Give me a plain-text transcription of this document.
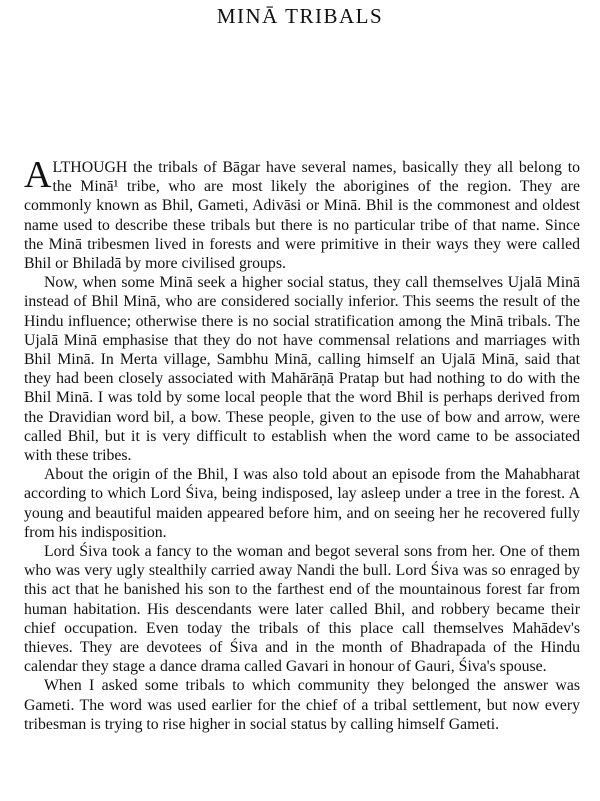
MINĀ TRIBALS

ALTHOUGH the tribals of Bāgar have several names, basically they all belong to the Minā¹ tribe, who are most likely the aborigines of the region. They are commonly known as Bhil, Gameti, Adivāsi or Minā. Bhil is the commonest and oldest name used to describe these tribals but there is no particular tribe of that name. Since the Minā tribesmen lived in forests and were primitive in their ways they were called Bhil or Bhiladā by more civilised groups.

Now, when some Minā seek a higher social status, they call themselves Ujalā Minā instead of Bhil Minā, who are considered socially inferior. This seems the result of the Hindu influence; otherwise there is no social stratification among the Minā tribals. The Ujalā Minā emphasise that they do not have commensal relations and marriages with Bhil Minā. In Merta village, Sambhu Minā, calling himself an Ujalā Minā, said that they had been closely associated with Mahārāṇā Pratap but had nothing to do with the Bhil Minā. I was told by some local people that the word Bhil is perhaps derived from the Dravidian word bil, a bow. These people, given to the use of bow and arrow, were called Bhil, but it is very difficult to establish when the word came to be associated with these tribes.

About the origin of the Bhil, I was also told about an episode from the Mahabharat according to which Lord Śiva, being indisposed, lay asleep under a tree in the forest. A young and beautiful maiden appeared before him, and on seeing her he recovered fully from his indisposition.

Lord Śiva took a fancy to the woman and begot several sons from her. One of them who was very ugly stealthily carried away Nandi the bull. Lord Śiva was so enraged by this act that he banished his son to the farthest end of the mountainous forest far from human habitation. His descendants were later called Bhil, and robbery became their chief occupation. Even today the tribals of this place call themselves Mahādev's thieves. They are devotees of Śiva and in the month of Bhadrapada of the Hindu calendar they stage a dance drama called Gavari in honour of Gauri, Śiva's spouse.

When I asked some tribals to which community they belonged the answer was Gameti. The word was used earlier for the chief of a tribal settlement, but now every tribesman is trying to rise higher in social status by calling himself Gameti.
